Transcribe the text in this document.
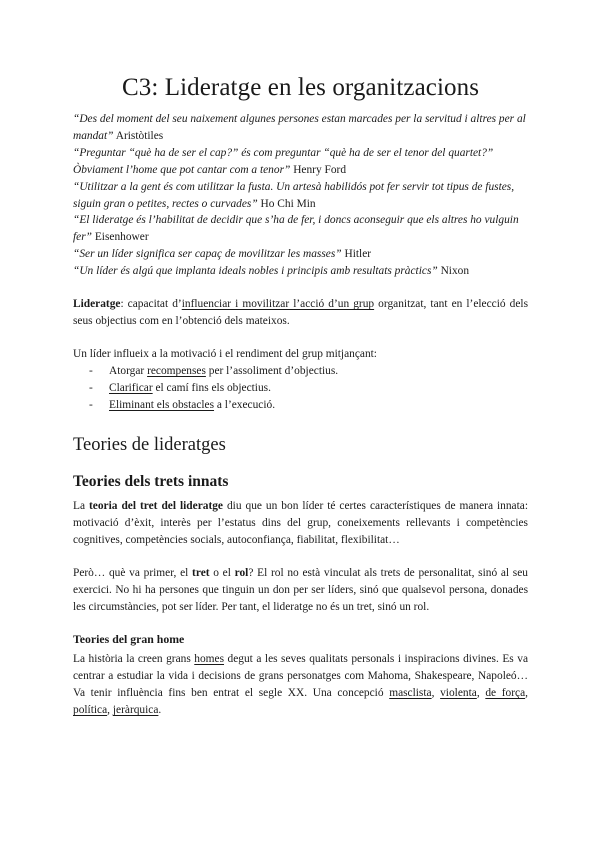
C3: Lideratge en les organitzacions

“Des del moment del seu naixement algunes persones estan marcades per la servitud i altres per al mandat” Aristòtiles

“Preguntar “què ha de ser el cap?” és com preguntar “què ha de ser el tenor del quartet?” Òbviament l’home que pot cantar com a tenor” Henry Ford

“Utilitzar a la gent és com utilitzar la fusta. Un artesà habilidós pot fer servir tot tipus de fustes, siguin gran o petites, rectes o curvades” Ho Chi Min

“El lideratge és l’habilitat de decidir que s’ha de fer, i doncs aconseguir que els altres ho vulguin fer” Eisenhower

“Ser un líder significa ser capaç de movilitzar les masses” Hitler

“Un líder és algú que implanta ideals nobles i principis amb resultats pràctics” Nixon

Lideratge: capacitat d’influenciar i movilitzar l’acció d’un grup organitzat, tant en l’elecció dels seus objectius com en l’obtenció dels mateixos.

Un líder influeix a la motivació i el rendiment del grup mitjançant:

- Atorgar recompenses per l’assoliment d’objectius.
- Clarificar el camí fins els objectius.
- Eliminant els obstacles a l’execució.
Teories de lideratges
Teories dels trets innats

La teoria del tret del lideratge diu que un bon líder té certes característiques de manera innata: motivació d’èxit, interès per l’estatus dins del grup, coneixements rellevants i competències cognitives, competències socials, autoconfiança, fiabilitat, flexibilitat…

Però… què va primer, el tret o el rol? El rol no està vinculat als trets de personalitat, sinó al seu exercici. No hi ha persones que tinguin un don per ser líders, sinó que qualsevol persona, donades les circumstàncies, pot ser líder. Per tant, el lideratge no és un tret, sinó un rol.

Teories del gran home

La història la creen grans homes degut a les seves qualitats personals i inspiracions divines. Es va centrar a estudiar la vida i decisions de grans personatges com Mahoma, Shakespeare, Napoleó… Va tenir influència fins ben entrat el segle XX. Una concepció masclista, violenta, de força, política, jeràrquica.
